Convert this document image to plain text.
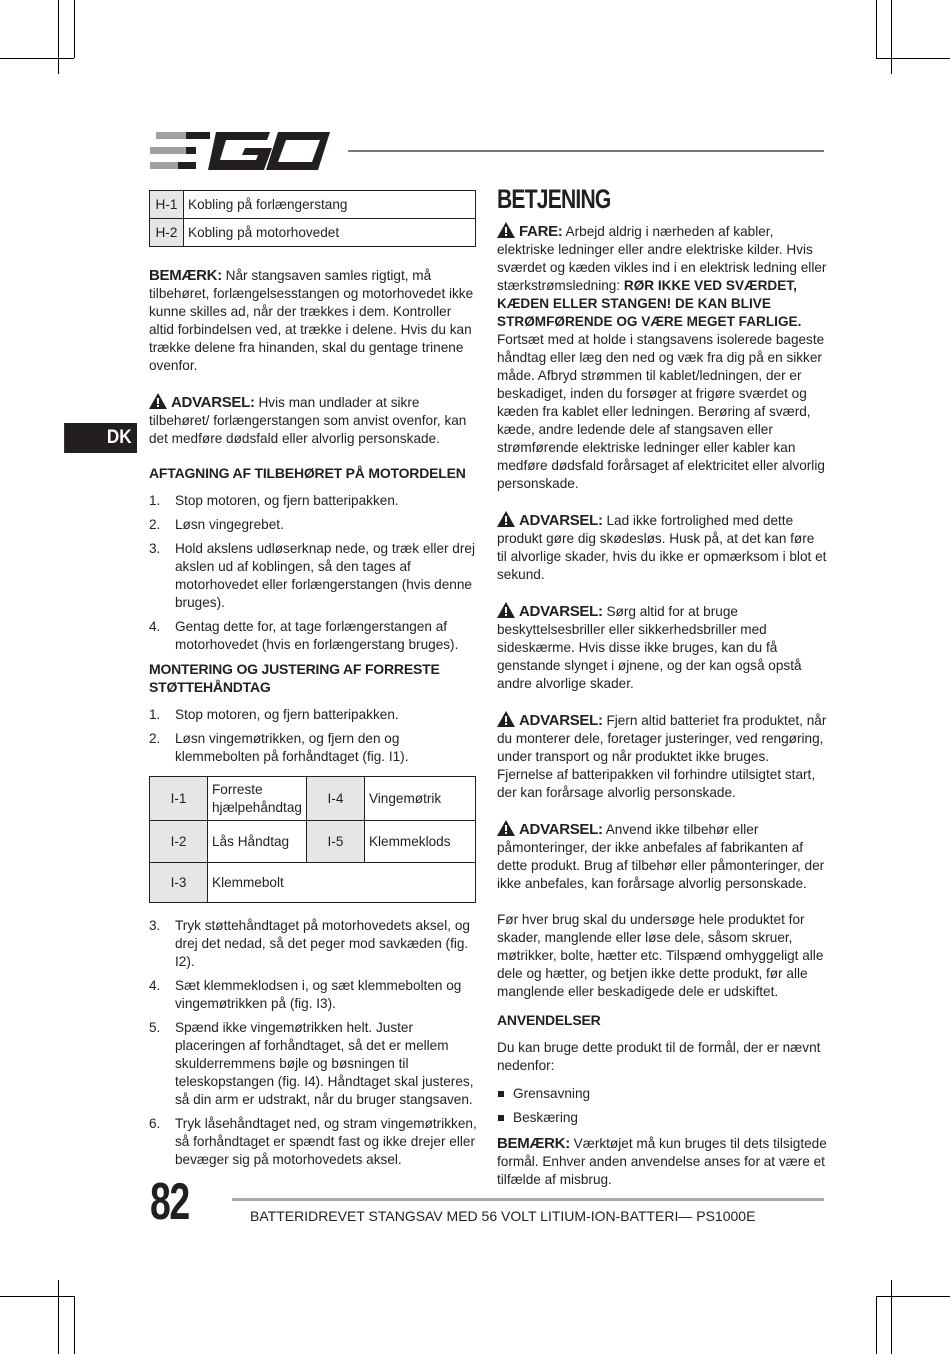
DK
H-1	Kobling på forlængerstang
H-2	Kobling på motorhovedet

BEMÆRK: Når stangsaven samles rigtigt, må tilbehøret, forlængelsesstangen og motorhovedet ikke kunne skilles ad, når der trækkes i dem. Kontroller altid forbindelsen ved, at trække i delene. Hvis du kan trække delene fra hinanden, skal du gentage trinene ovenfor.

ADVARSEL: Hvis man undlader at sikre tilbehøret/ forlængerstangen som anvist ovenfor, kan det medføre dødsfald eller alvorlig personskade.

AFTAGNING AF TILBEHØRET PÅ MOTORDELEN
1. Stop motoren, og fjern batteripakken.
2. Løsn vingegrebet.
3. Hold akslens udløserknap nede, og træk eller drej akslen ud af koblingen, så den tages af motorhovedet eller forlængerstangen (hvis denne bruges).
4. Gentag dette for, at tage forlængerstangen af motorhovedet (hvis en forlængerstang bruges).
MONTERING OG JUSTERING AF FORRESTE STØTTEHÅNDTAG
1. Stop motoren, og fjern batteripakken.
2. Løsn vingemøtrikken, og fjern den og klemmebolten på forhåndtaget (fig. I1).
I-1	Forreste hjælpehåndtag	I-4	Vingemøtrik
I-2	Lås Håndtag	I-5	Klemmeklods
I-3	Klemmebolt		
3. Tryk støttehåndtaget på motorhovedets aksel, og drej det nedad, så det peger mod savkæden (fig. I2).
4. Sæt klemmeklodsen i, og sæt klemmebolten og vingemøtrikken på (fig. I3).
5. Spænd ikke vingemøtrikken helt. Juster placeringen af forhåndtaget, så det er mellem skulderremmens bøjle og bøsningen til teleskopstangen (fig. I4). Håndtaget skal justeres, så din arm er udstrakt, når du bruger stangsaven.
6. Tryk låsehåndtaget ned, og stram vingemøtrikken, så forhåndtaget er spændt fast og ikke drejer eller bevæger sig på motorhovedets aksel.
BETJENING

FARE: Arbejd aldrig i nærheden af kabler, elektriske ledninger eller andre elektriske kilder. Hvis sværdet og kæden vikles ind i en elektrisk ledning eller stærkstrømsledning: RØR IKKE VED SVÆRDET, KÆDEN ELLER STANGEN! DE KAN BLIVE STRØMFØRENDE OG VÆRE MEGET FARLIGE. Fortsæt med at holde i stangsavens isolerede bageste håndtag eller læg den ned og væk fra dig på en sikker måde. Afbryd strømmen til kablet/ledningen, der er beskadiget, inden du forsøger at frigøre sværdet og kæden fra kablet eller ledningen. Berøring af sværd, kæde, andre ledende dele af stangsaven eller strømførende elektriske ledninger eller kabler kan medføre dødsfald forårsaget af elektricitet eller alvorlig personskade.

ADVARSEL: Lad ikke fortrolighed med dette produkt gøre dig skødesløs. Husk på, at det kan føre til alvorlige skader, hvis du ikke er opmærksom i blot et sekund.

ADVARSEL: Sørg altid for at bruge beskyttelsesbriller eller sikkerhedsbriller med sideskærme. Hvis disse ikke bruges, kan du få genstande slynget i øjnene, og der kan også opstå andre alvorlige skader.

ADVARSEL: Fjern altid batteriet fra produktet, når du monterer dele, foretager justeringer, ved rengøring, under transport og når produktet ikke bruges. Fjernelse af batteripakken vil forhindre utilsigtet start, der kan forårsage alvorlig personskade.

ADVARSEL: Anvend ikke tilbehør eller påmonteringer, der ikke anbefales af fabrikanten af dette produkt. Brug af tilbehør eller påmonteringer, der ikke anbefales, kan forårsage alvorlig personskade.

Før hver brug skal du undersøge hele produktet for skader, manglende eller løse dele, såsom skruer, møtrikker, bolte, hætter etc. Tilspænd omhyggeligt alle dele og hætter, og betjen ikke dette produkt, før alle manglende eller beskadigede dele er udskiftet.

ANVENDELSER

Du kan bruge dette produkt til de formål, der er nævnt nedenfor:

Grensavning
Beskæring

BEMÆRK: Værktøjet må kun bruges til dets tilsigtede formål. Enhver anden anvendelse anses for at være et tilfælde af misbrug.

82	BATTERIDREVET STANGSAV MED 56 VOLT LITIUM-ION-BATTERI— PS1000E
